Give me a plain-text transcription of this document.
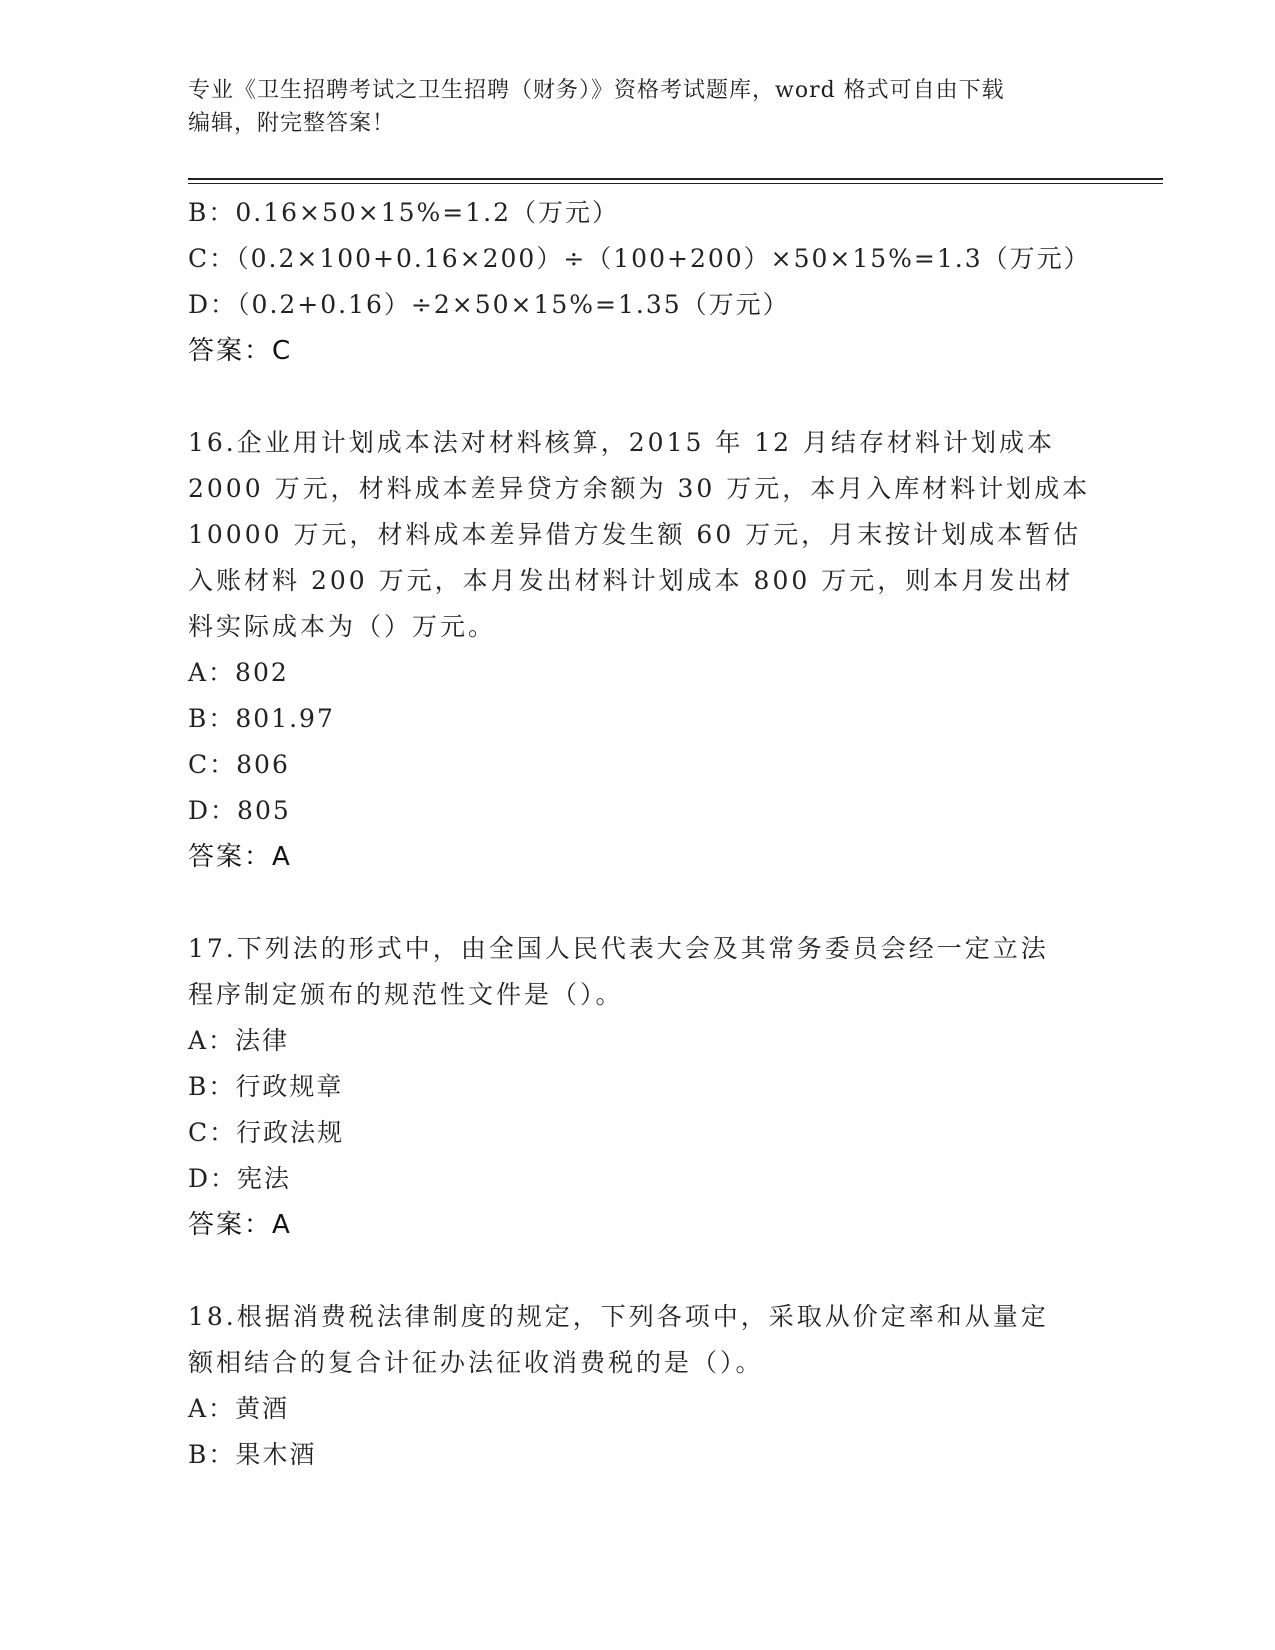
专业《卫生招聘考试之卫生招聘（财务）》资格考试题库，word 格式可自由下载
编辑，附完整答案！
B：0.16×50×15%=1.2（万元）
C：（0.2×100+0.16×200）÷（100+200）×50×15%=1.3（万元）
D：（0.2+0.16）÷2×50×15%=1.35（万元）
答案：C
16.企业用计划成本法对材料核算，2015 年 12 月结存材料计划成本
2000 万元，材料成本差异贷方余额为 30 万元，本月入库材料计划成本
10000 万元，材料成本差异借方发生额 60 万元，月末按计划成本暂估
入账材料 200 万元，本月发出材料计划成本 800 万元，则本月发出材
料实际成本为（）万元。
A：802
B：801.97
C：806
D：805
答案：A
17.下列法的形式中，由全国人民代表大会及其常务委员会经一定立法
程序制定颁布的规范性文件是（）。
A：法律
B：行政规章
C：行政法规
D：宪法
答案：A
18.根据消费税法律制度的规定，下列各项中，采取从价定率和从量定
额相结合的复合计征办法征收消费税的是（）。
A：黄酒
B：果木酒
